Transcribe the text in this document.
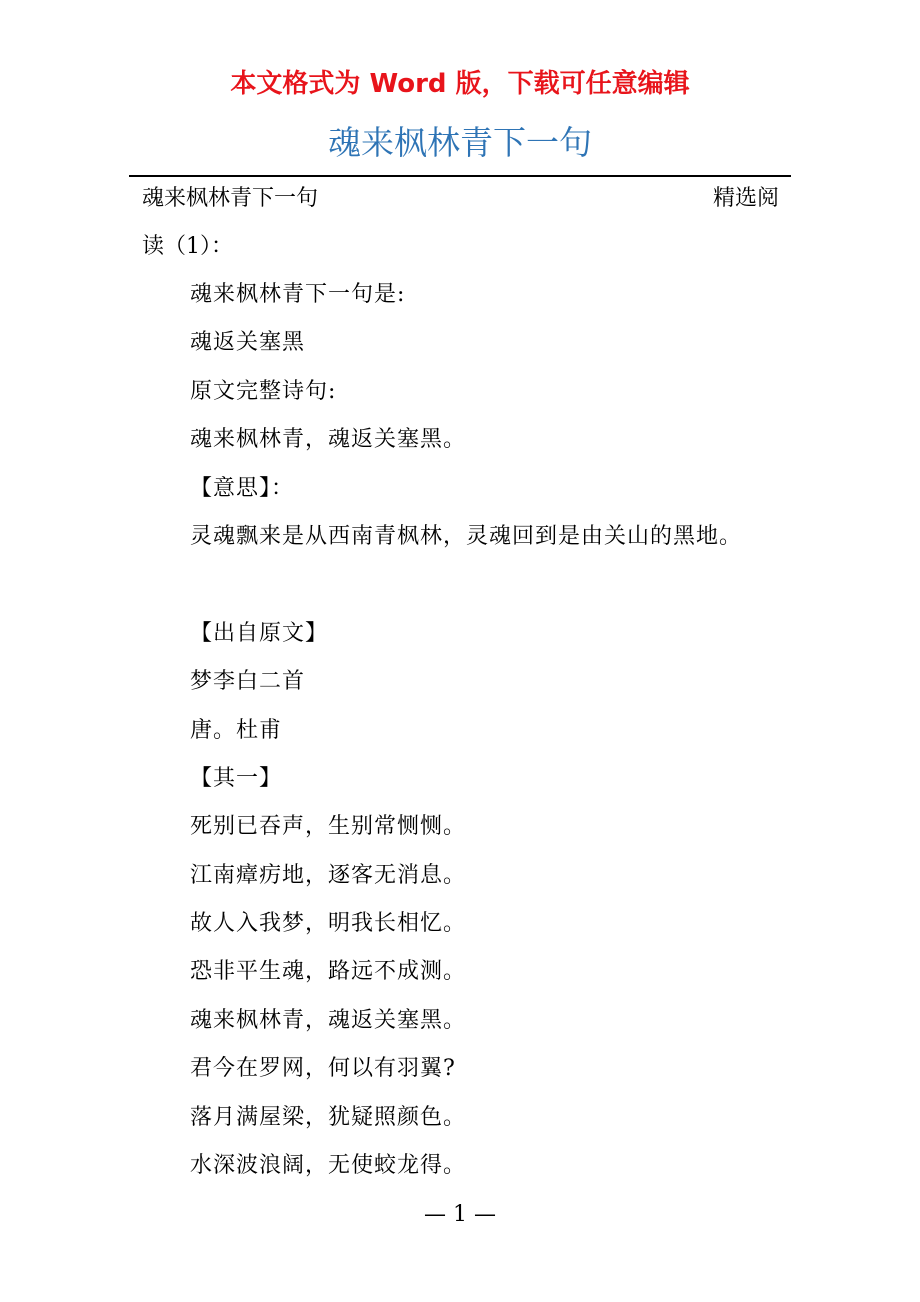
本文格式为 Word 版，下载可任意编辑
魂来枫林青下一句
魂来枫林青下一句	精选阅
读（1）：
魂来枫林青下一句是:
魂返关塞黑
原文完整诗句:
魂来枫林青，魂返关塞黑。
【意思】：
灵魂飘来是从西南青枫林，灵魂回到是由关山的黑地。
【出自原文】
梦李白二首
唐。杜甫
【其一】
死别已吞声，生别常恻恻。
江南瘴疠地，逐客无消息。
故人入我梦，明我长相忆。
恐非平生魂，路远不成测。
魂来枫林青，魂返关塞黑。
君今在罗网，何以有羽翼?
落月满屋梁，犹疑照颜色。
水深波浪阔，无使蛟龙得。
— 1 —
